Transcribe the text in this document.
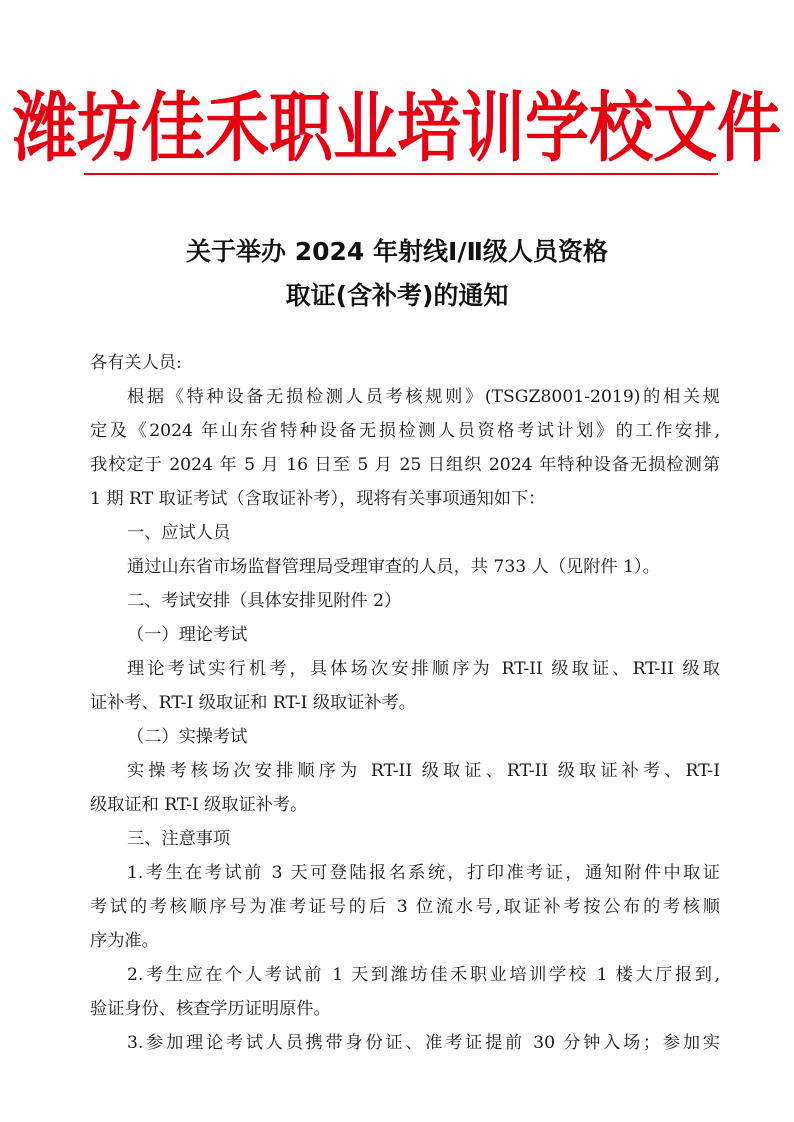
潍坊佳禾职业培训学校文件
关于举办 2024 年射线Ⅰ/Ⅱ级人员资格
取证(含补考)的通知

各有关人员:

根据《特种设备无损检测人员考核规则》(TSGZ8001-2019)的相关规

定及《2024 年山东省特种设备无损检测人员资格考试计划》的工作安排,

我校定于 2024 年 5 月 16 日至 5 月 25 日组织 2024 年特种设备无损检测第

1 期 RT 取证考试（含取证补考），现将有关事项通知如下：

一、应试人员

通过山东省市场监督管理局受理审查的人员，共 733 人（见附件 1）。

二、考试安排（具体安排见附件 2）

（一）理论考试

理论考试实行机考，具体场次安排顺序为 RT-II 级取证、RT-II 级取

证补考、RT-I 级取证和 RT-I 级取证补考。

（二）实操考试

实操考核场次安排顺序为 RT-II 级取证、RT-II 级取证补考、RT-I

级取证和 RT-I 级取证补考。

三、注意事项

1.考生在考试前 3 天可登陆报名系统，打印准考证，通知附件中取证

考试的考核顺序号为准考证号的后 3 位流水号,取证补考按公布的考核顺

序为准。

2.考生应在个人考试前 1 天到潍坊佳禾职业培训学校 1 楼大厅报到,

验证身份、核查学历证明原件。

3.参加理论考试人员携带身份证、准考证提前 30 分钟入场；参加实
